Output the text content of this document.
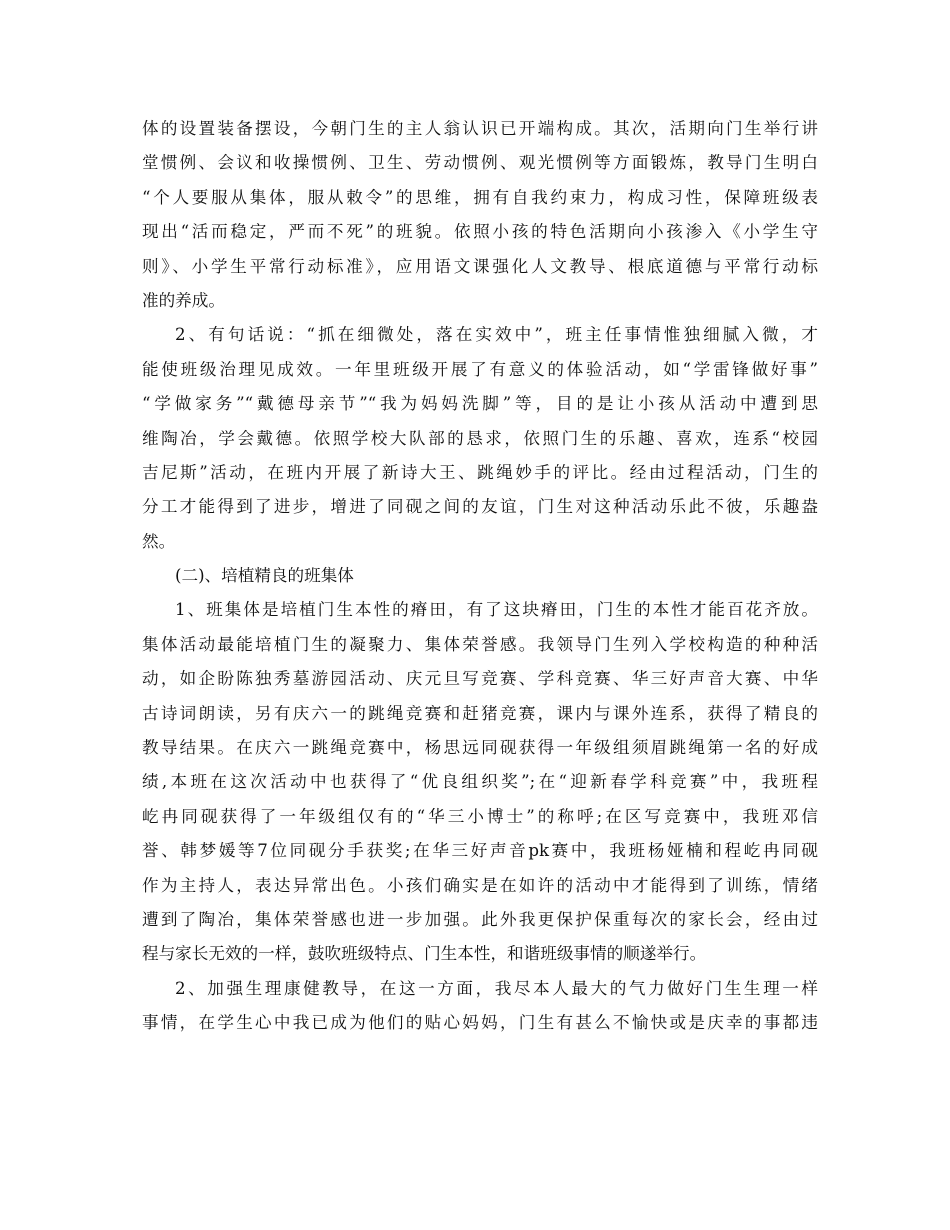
体的设置装备摆设，今朝门生的主人翁认识已开端构成。其次，活期向门生举行讲
堂惯例、会议和收操惯例、卫生、劳动惯例、观光惯例等方面锻炼，教导门生明白
“个人要服从集体，服从敕令”的思维，拥有自我约束力，构成习性，保障班级表
现出“活而稳定，严而不死”的班貌。依照小孩的特色活期向小孩渗入《小学生守
则》、小学生平常行动标准》，应用语文课强化人文教导、根底道德与平常行动标
准的养成。
2、有句话说：“抓在细微处，落在实效中”，班主任事情惟独细腻入微，才
能使班级治理见成效。一年里班级开展了有意义的体验活动，如“学雷锋做好事”
“学做家务”“戴德母亲节”“我为妈妈洗脚”等，目的是让小孩从活动中遭到思
维陶冶，学会戴德。依照学校大队部的恳求，依照门生的乐趣、喜欢，连系“校园
吉尼斯”活动，在班内开展了新诗大王、跳绳妙手的评比。经由过程活动，门生的
分工才能得到了进步，增进了同砚之间的友谊，门生对这种活动乐此不彼，乐趣盎
然。
(二)、培植精良的班集体
1、班集体是培植门生本性的瘠田，有了这块瘠田，门生的本性才能百花齐放。
集体活动最能培植门生的凝聚力、集体荣誉感。我领导门生列入学校构造的种种活
动，如企盼陈独秀墓游园活动、庆元旦写竞赛、学科竞赛、华三好声音大赛、中华
古诗词朗读，另有庆六一的跳绳竞赛和赶猪竞赛，课内与课外连系，获得了精良的
教导结果。在庆六一跳绳竞赛中，杨思远同砚获得一年级组须眉跳绳第一名的好成
绩,本班在这次活动中也获得了“优良组织奖”;在“迎新春学科竞赛”中，我班程
屹冉同砚获得了一年级组仅有的“华三小博士”的称呼;在区写竞赛中，我班邓信
誉、韩梦媛等7位同砚分手获奖;在华三好声音pk赛中，我班杨娅楠和程屹冉同砚
作为主持人，表达异常出色。小孩们确实是在如许的活动中才能得到了训练，情绪
遭到了陶冶，集体荣誉感也进一步加强。此外我更保护保重每次的家长会，经由过
程与家长无效的一样，鼓吹班级特点、门生本性，和谐班级事情的顺遂举行。
2、加强生理康健教导，在这一方面，我尽本人最大的气力做好门生生理一样
事情，在学生心中我已成为他们的贴心妈妈，门生有甚么不愉快或是庆幸的事都违
